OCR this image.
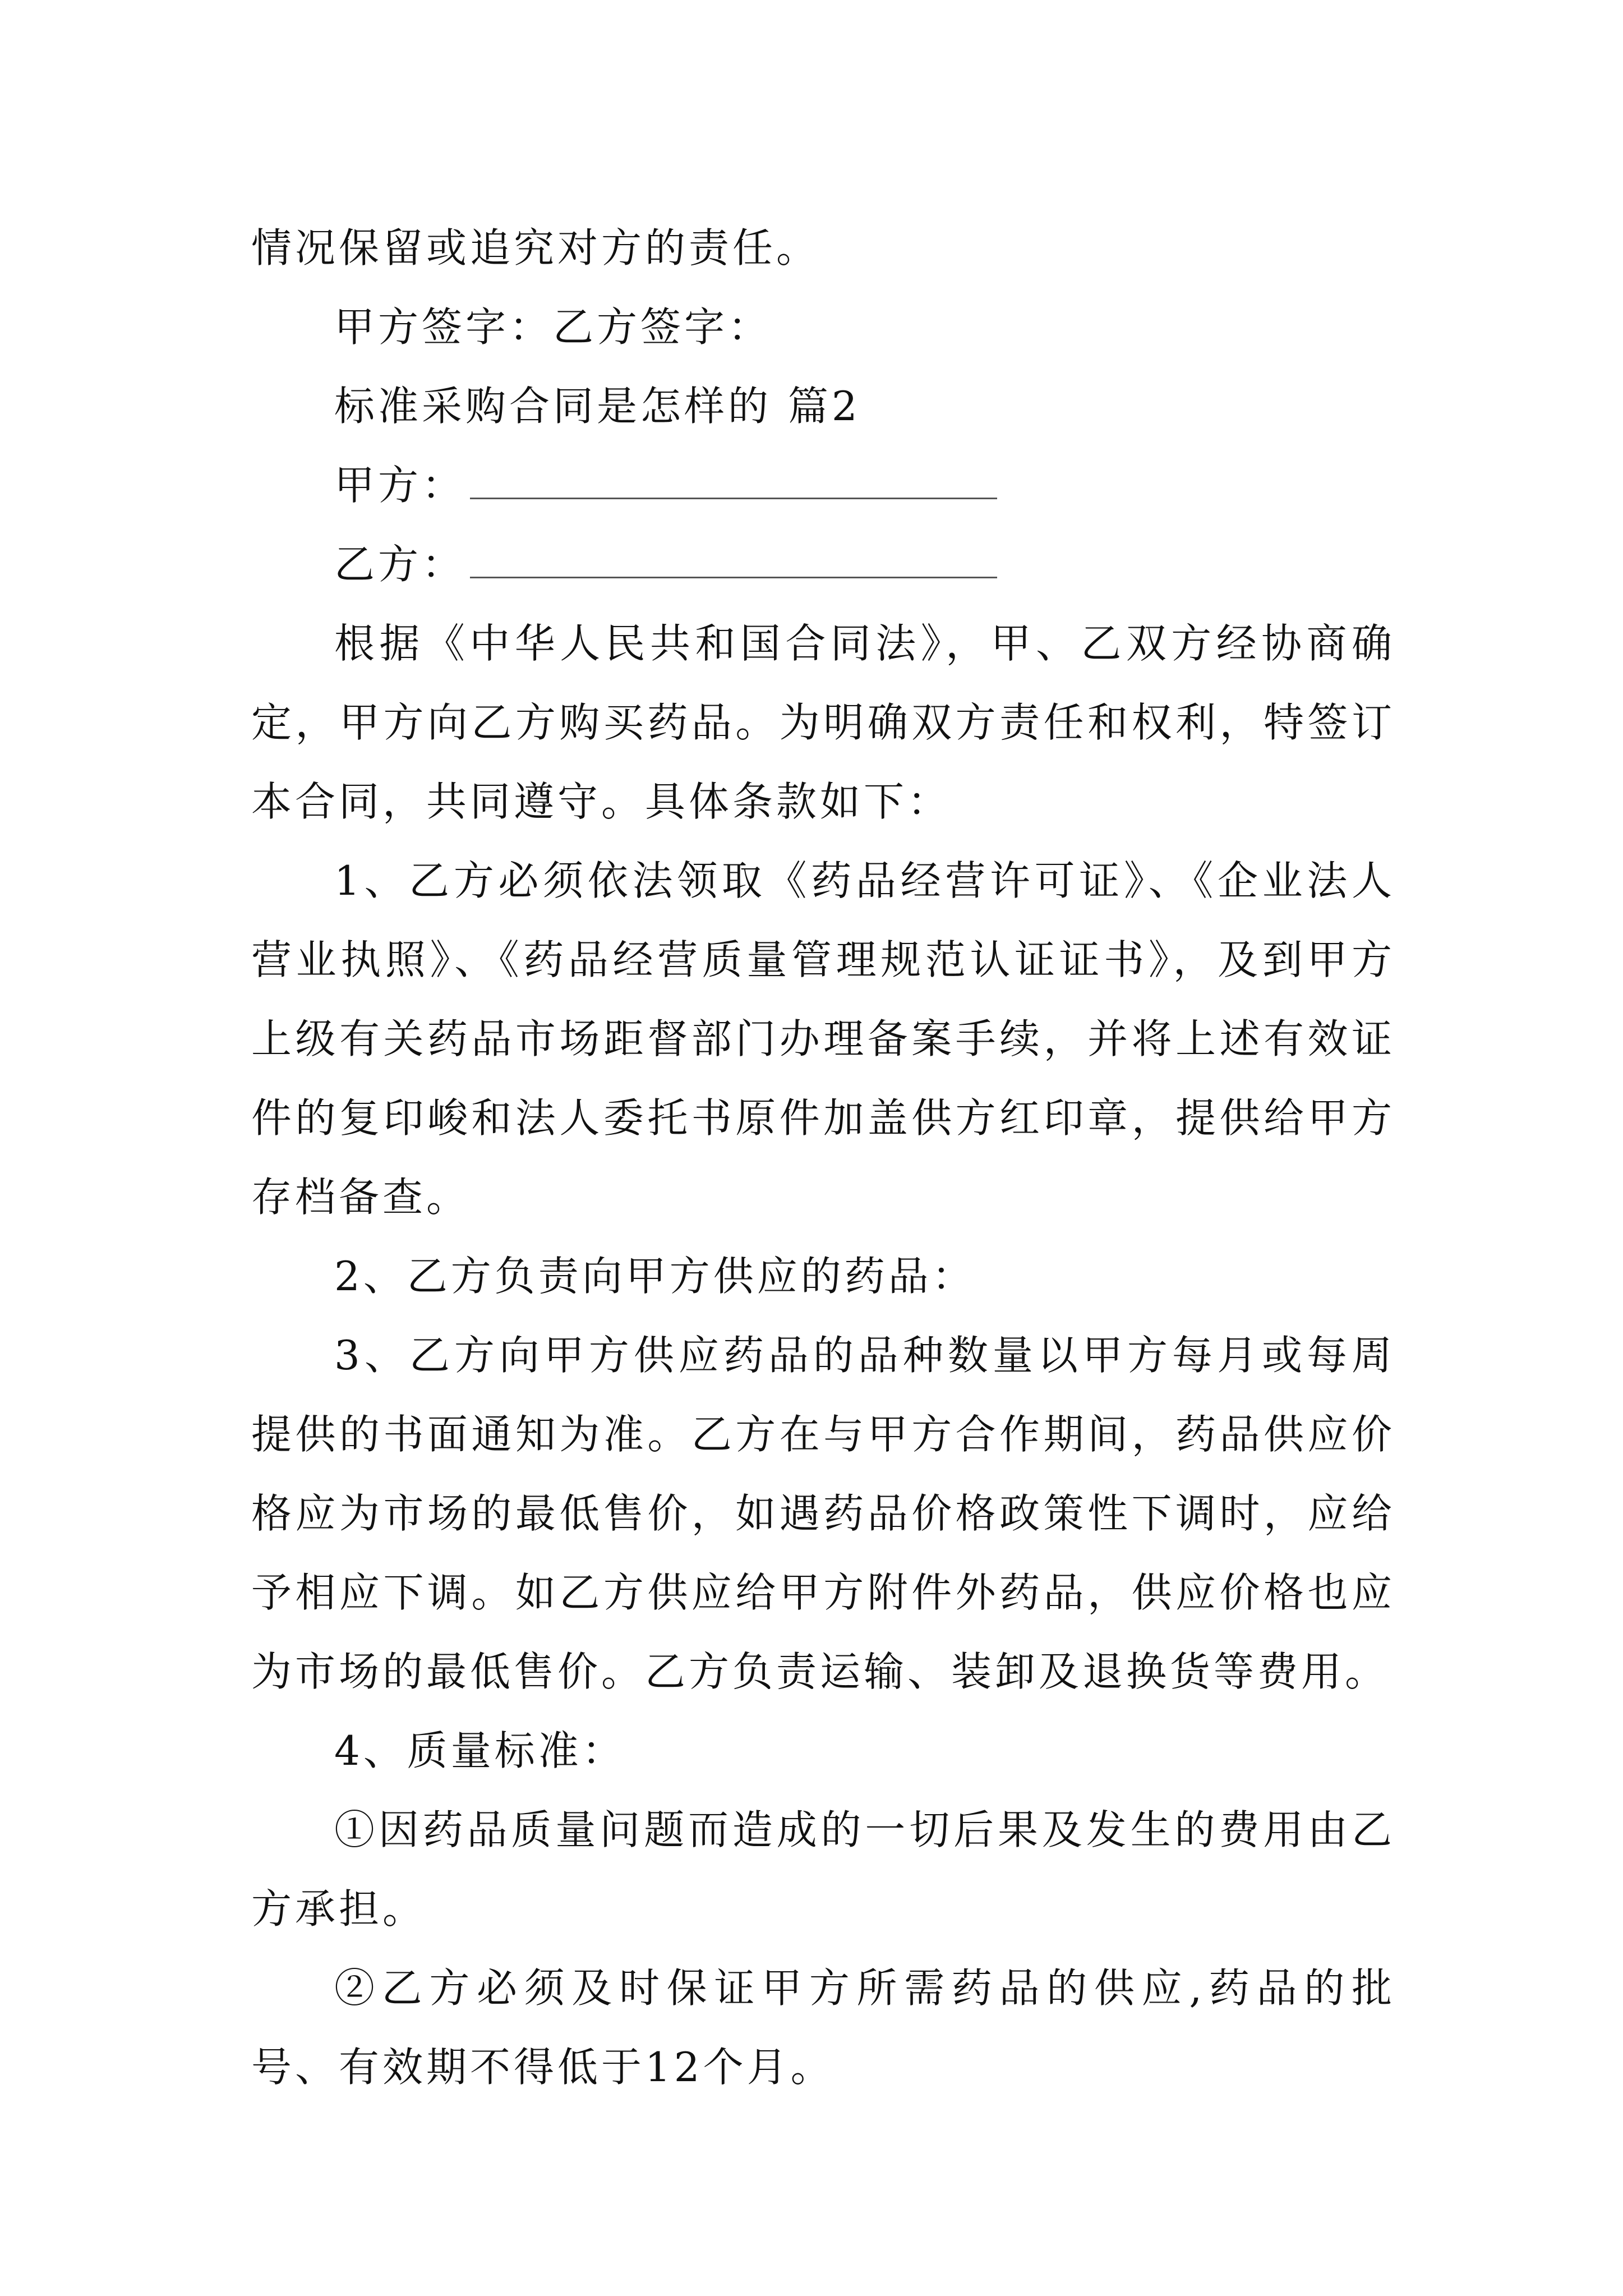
情况保留或追究对方的责任。

甲方签字：乙方签字：

标准采购合同是怎样的 篇2

甲方：

乙方：

根据《中华人民共和国合同法》，甲、乙双方经协商确定，甲方向乙方购买药品。为明确双方责任和权利，特签订本合同，共同遵守。具体条款如下：

1、乙方必须依法领取《药品经营许可证》、《企业法人营业执照》、《药品经营质量管理规范认证证书》，及到甲方上级有关药品市场距督部门办理备案手续，并将上述有效证件的复印峻和法人委托书原件加盖供方红印章，提供给甲方存档备查。

2、乙方负责向甲方供应的药品：

3、乙方向甲方供应药品的品种数量以甲方每月或每周提供的书面通知为准。乙方在与甲方合作期间，药品供应价格应为市场的最低售价，如遇药品价格政策性下调时，应给予相应下调。如乙方供应给甲方附件外药品，供应价格也应为市场的最低售价。乙方负责运输、装卸及退换货等费用。

4、质量标准：

①因药品质量问题而造成的一切后果及发生的费用由乙方承担。

②乙方必须及时保证甲方所需药品的供应,药品的批号、有效期不得低于12个月。
